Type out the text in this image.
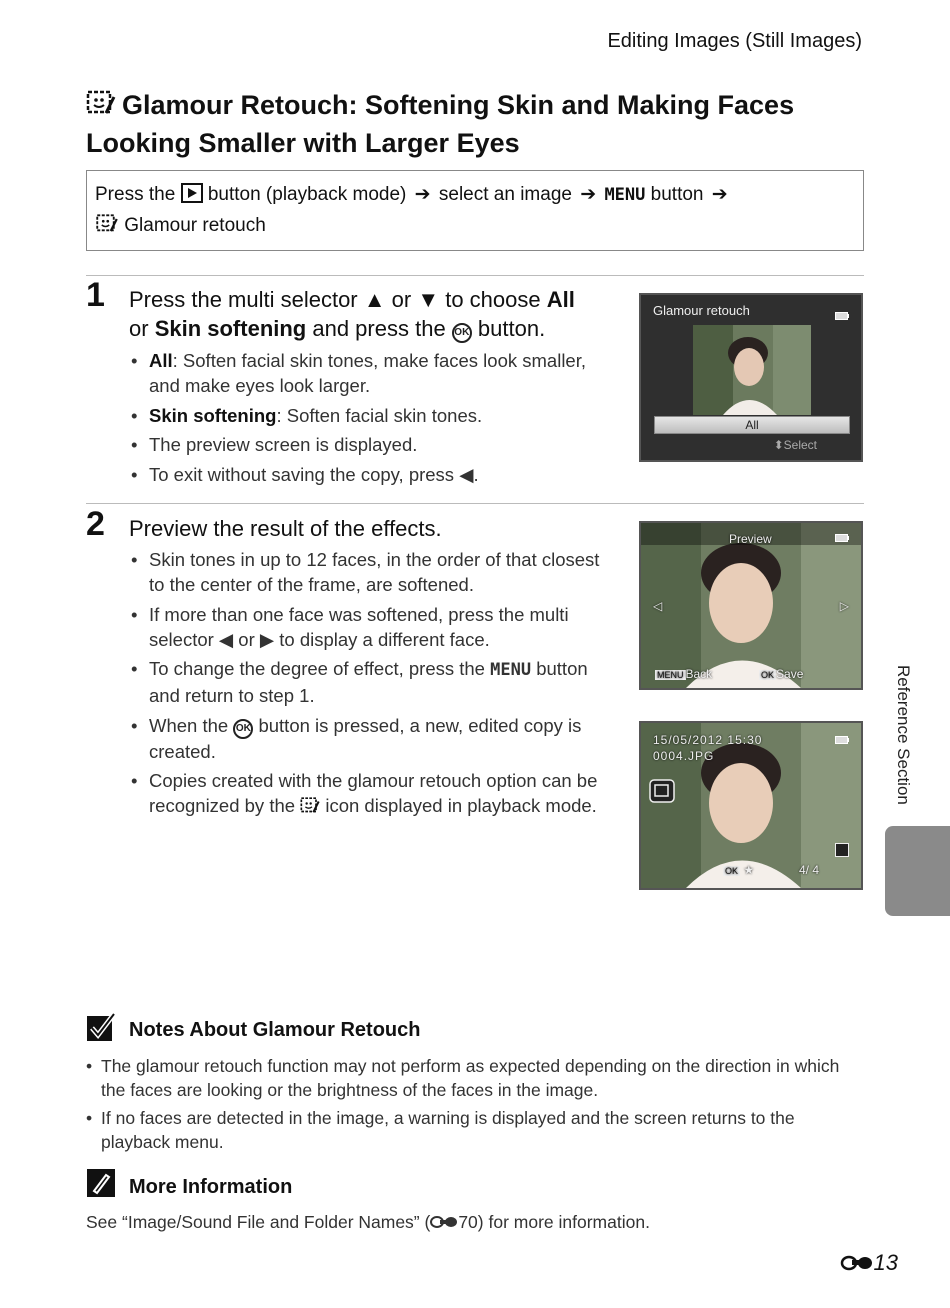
Editing Images (Still Images)
Glamour Retouch: Softening Skin and Making Faces
Looking Smaller with Larger Eyes
Press the button (playback mode) ➔ select an image ➔ MENU button ➔
Glamour retouch
1 Press the multi selector ▲ or ▼ to choose All
or Skin softening and press the OK button.
• All: Soften facial skin tones, make faces look smaller, and make eyes look larger.
• Skin softening: Soften facial skin tones.
• The preview screen is displayed.
• To exit without saving the copy, press ◀.
Glamour retouch
All
⬍Select
2 Preview the result of the effects.
• Skin tones in up to 12 faces, in the order of that closest to the center of the frame, are softened.
• If more than one face was softened, press the multi selector ◀ or ▶ to display a different face.
• To change the degree of effect, press the MENU button and return to step 1.
• When the OK button is pressed, a new, edited copy is created.
• Copies created with the glamour retouch option can be recognized by the  icon displayed in playback mode.
Preview
◁	▷
MENU Back	OK Save
15/05/2012 15:30
0004.JPG
OK ★	4/ 4
Reference Section
Notes About Glamour Retouch
• The glamour retouch function may not perform as expected depending on the direction in which the faces are looking or the brightness of the faces in the image.
• If no faces are detected in the image, a warning is displayed and the screen returns to the playback menu.
More Information
See “Image/Sound File and Folder Names” ( 70) for more information.
13
